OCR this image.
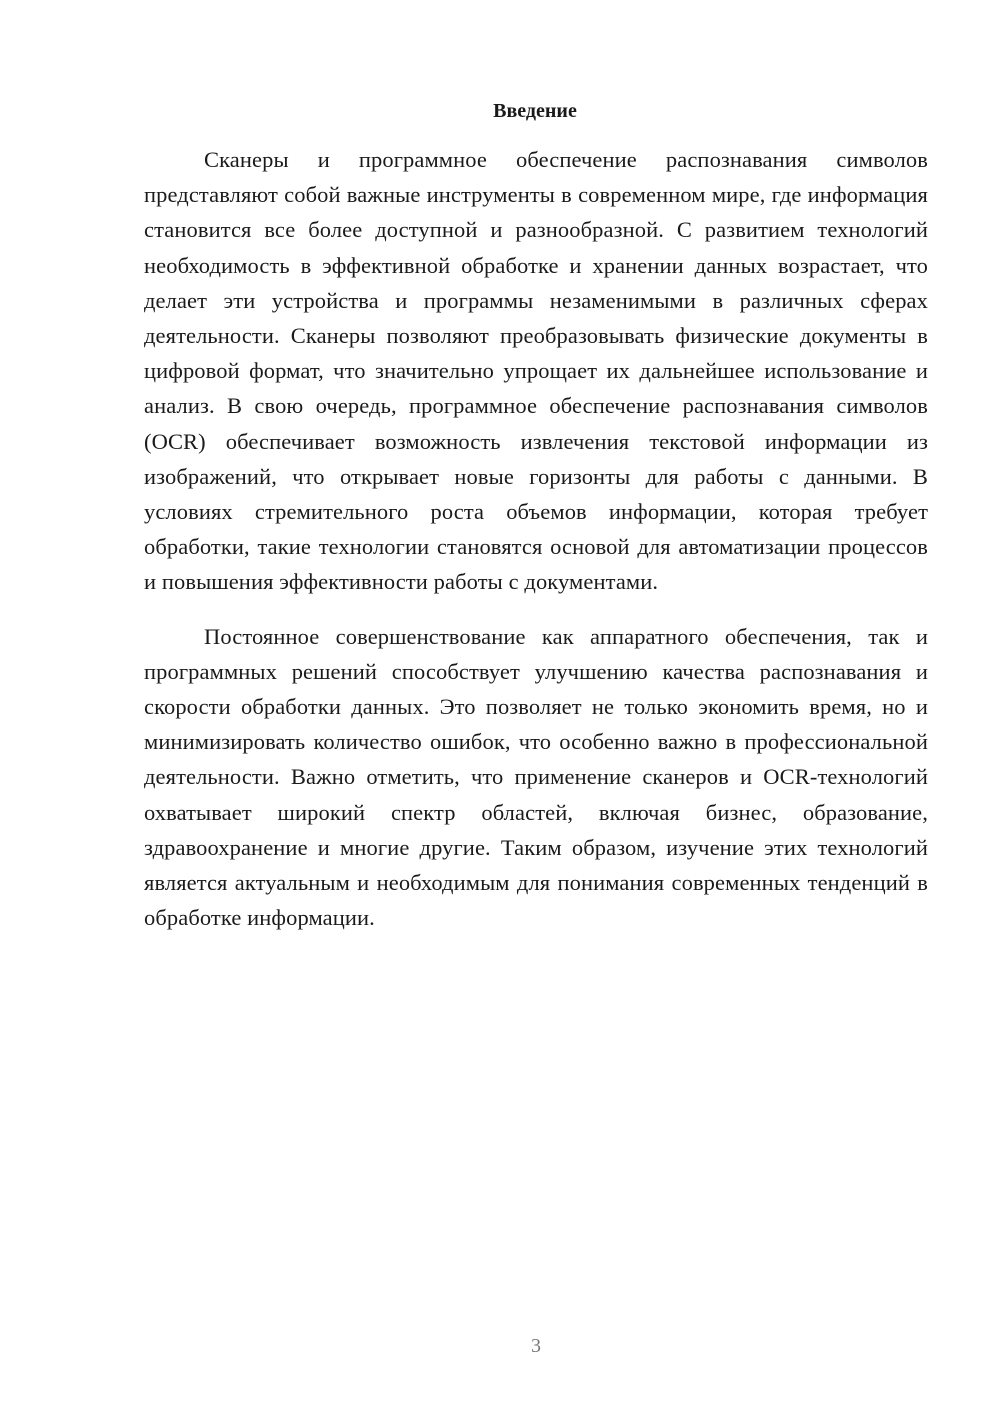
Введение

Сканеры и программное обеспечение распознавания символов представляют собой важные инструменты в современном мире, где информация становится все более доступной и разнообразной. С развитием технологий необходимость в эффективной обработке и хранении данных возрастает, что делает эти устройства и программы незаменимыми в различных сферах деятельности. Сканеры позволяют преобразовывать физические документы в цифровой формат, что значительно упрощает их дальнейшее использование и анализ. В свою очередь, программное обеспечение распознавания символов (OCR) обеспечивает возможность извлечения текстовой информации из изображений, что открывает новые горизонты для работы с данными. В условиях стремительного роста объемов информации, которая требует обработки, такие технологии становятся основой для автоматизации процессов и повышения эффективности работы с документами.

Постоянное совершенствование как аппаратного обеспечения, так и программных решений способствует улучшению качества распознавания и скорости обработки данных. Это позволяет не только экономить время, но и минимизировать количество ошибок, что особенно важно в профессиональной деятельности. Важно отметить, что применение сканеров и OCR-технологий охватывает широкий спектр областей, включая бизнес, образование, здравоохранение и многие другие. Таким образом, изучение этих технологий является актуальным и необходимым для понимания современных тенденций в обработке информации.

3
